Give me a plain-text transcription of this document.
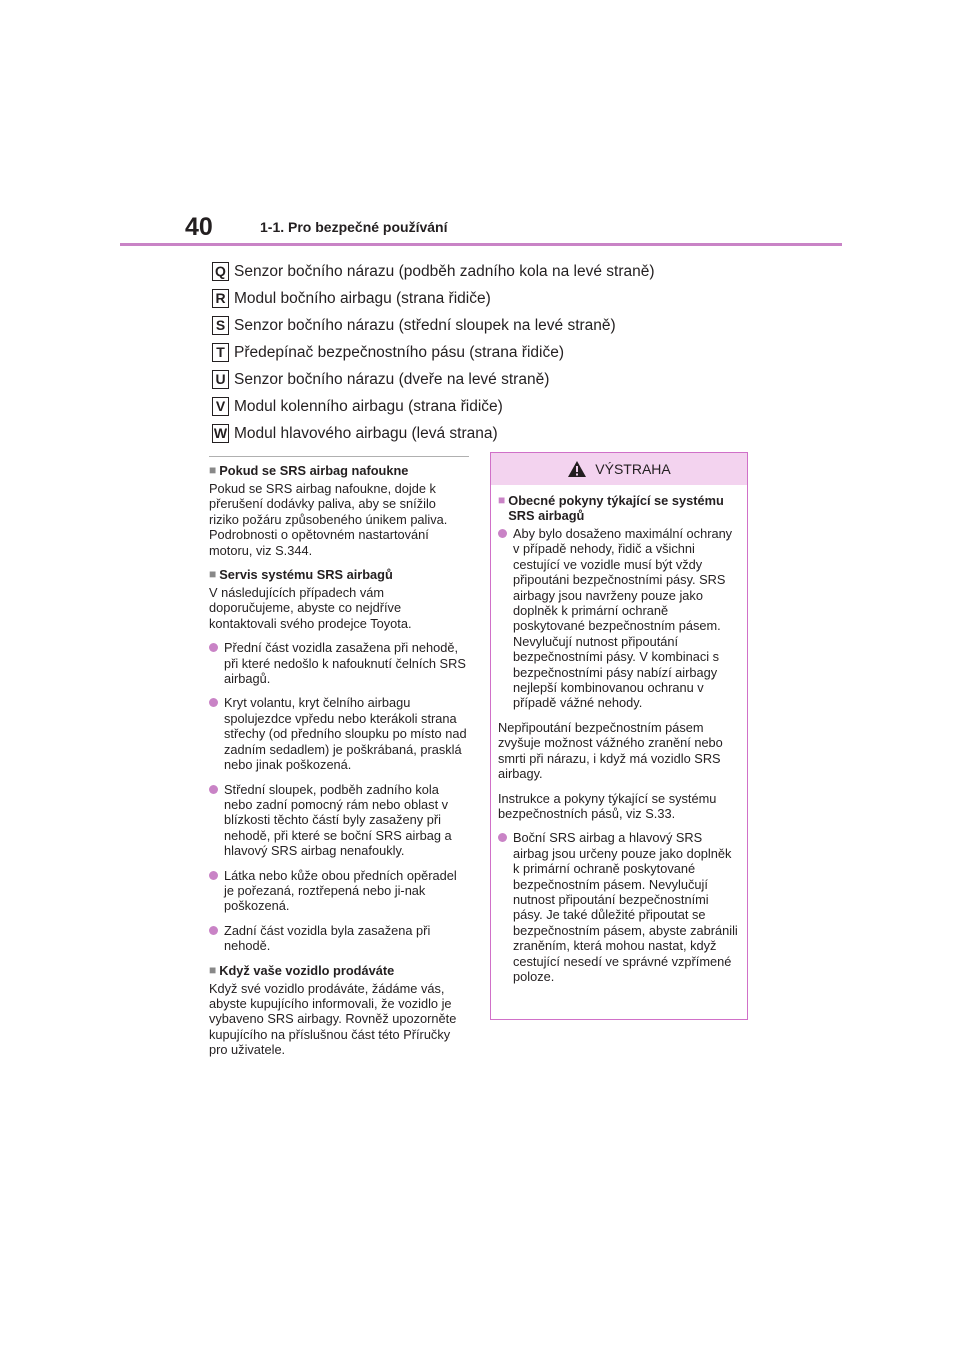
40	1-1. Pro bezpečné používání
Q Senzor bočního nárazu (podběh zadního kola na levé straně)
R Modul bočního airbagu (strana řidiče)
S Senzor bočního nárazu (střední sloupek na levé straně)
T Předepínač bezpečnostního pásu (strana řidiče)
U Senzor bočního nárazu (dveře na levé straně)
V Modul kolenního airbagu (strana řidiče)
W Modul hlavového airbagu (levá strana)
■ Pokud se SRS airbag nafoukne

Pokud se SRS airbag nafoukne, dojde k přerušení dodávky paliva, aby se snížilo riziko požáru způsobeného únikem paliva. Podrobnosti o opětovném nastartování motoru, viz S.344.

■ Servis systému SRS airbagů

V následujících případech vám doporučujeme, abyste co nejdříve kontaktovali svého prodejce Toyota.

Přední část vozidla zasažena při nehodě, při které nedošlo k nafouknutí čelních SRS airbagů.
Kryt volantu, kryt čelního airbagu spolujezdce vpředu nebo kterákoli strana střechy (od předního sloupku po místo nad zadním sedadlem) je poškrábaná, prasklá nebo jinak poškozená.
Střední sloupek, podběh zadního kola nebo zadní pomocný rám nebo oblast v blízkosti těchto částí byly zasaženy při nehodě, při které se boční SRS airbag a hlavový SRS airbag nenafoukly.
Látka nebo kůže obou předních opěradel je pořezaná, roztřepená nebo ji-nak poškozená.
Zadní část vozidla byla zasažena při nehodě.
■ Když vaše vozidlo prodáváte

Když své vozidlo prodáváte, žádáme vás, abyste kupujícího informovali, že vozidlo je vybaveno SRS airbagy. Rovněž upozorněte kupujícího na příslušnou část této Příručky pro uživatele.

VÝSTRAHA
■ Obecné pokyny týkající se systému SRS airbagů
Aby bylo dosaženo maximální ochrany v případě nehody, řidič a všichni cestující ve vozidle musí být vždy připoutáni bezpečnostními pásy. SRS airbagy jsou navrženy pouze jako doplněk k primární ochraně poskytované bezpečnostním pásem. Nevylučují nutnost připoutání bezpečnostními pásy. V kombinaci s bezpečnostními pásy nabízí airbagy nejlepší kombinovanou ochranu v případě vážné nehody.

Nepřipoutání bezpečnostním pásem zvyšuje možnost vážného zranění nebo smrti při nárazu, i když má vozidlo SRS airbagy.

Instrukce a pokyny týkající se systému bezpečnostních pásů, viz S.33.

Boční SRS airbag a hlavový SRS airbag jsou určeny pouze jako doplněk k primární ochraně poskytované bezpečnostním pásem. Nevylučují nutnost připoutání bezpečnostními pásy. Je také důležité připoutat se bezpečnostním pásem, abyste zabránili zraněním, která mohou nastat, když cestující nesedí ve správné vzpřímené poloze.
